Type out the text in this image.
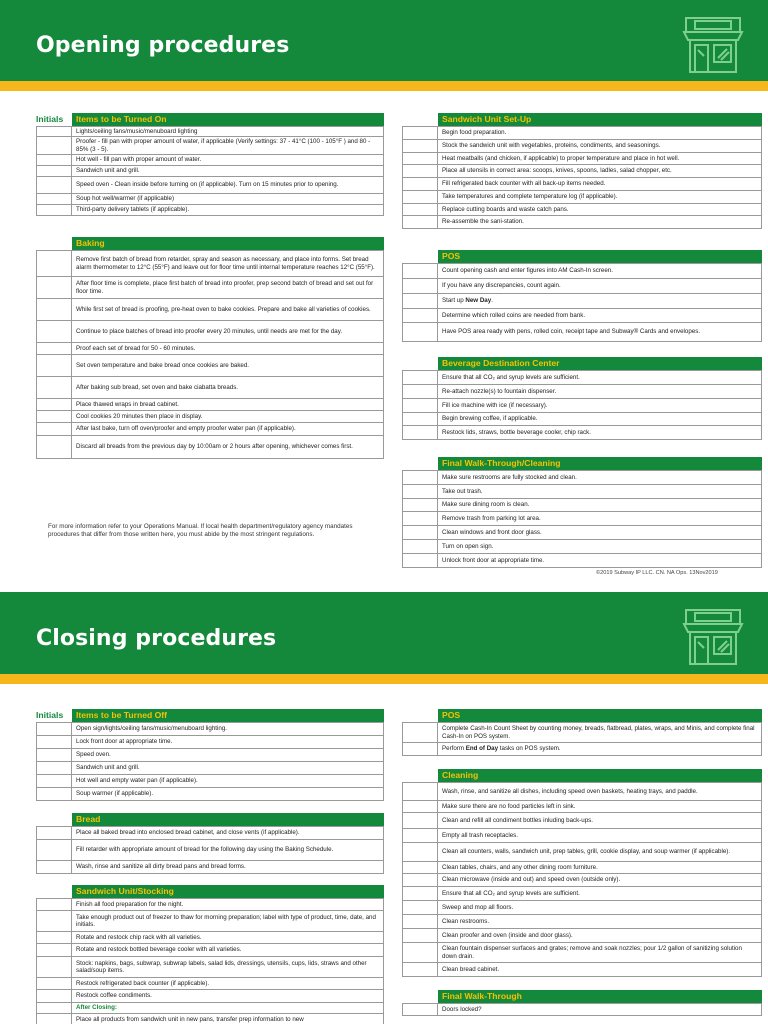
Opening procedures
Initials Items to be Turned On
Lights/ceiling fans/music/menuboard lighting
Proofer - fill pan with proper amount of water, if applicable (Verify settings: 37 - 41°C (100 - 105°F ) and 80 - 85% (3 - 5).
Hot well - fill pan with proper amount of water.
Sandwich unit and grill.
Speed oven - Clean inside before turning on (if applicable). Turn on 15 minutes prior to opening.
Soup hot well/warmer (if applicable)
Third-party delivery tablets (if applicable).
Baking
Remove first batch of bread from retarder, spray and season as necessary, and place into forms. Set bread alarm thermometer to 12°C (55°F) and leave out for floor time until internal temperature reaches 12°C (55°F).
After floor time is complete, place first batch of bread into proofer, prep second batch of bread and set out for floor time.
While first set of bread is proofing, pre-heat oven to bake cookies. Prepare and bake all varieties of cookies.
Continue to place batches of bread into proofer every 20 minutes, until needs are met for the day.
Proof each set of bread for 50 - 60 minutes.
Set oven temperature and bake bread once cookies are baked.
After baking sub bread, set oven and bake ciabatta breads.
Place thawed wraps in bread cabinet.
Cool cookies 20 minutes then place in display.
After last bake, turn off oven/proofer and empty proofer water pan (if applicable).
Discard all breads from the previous day by 10:00am or 2 hours after opening, whichever comes first.
Sandwich Unit Set-Up
Begin food preparation.
Stock the sandwich unit with vegetables, proteins, condiments, and seasonings.
Heat meatballs (and chicken, if applicable) to proper temperature and place in hot well.
Place all utensils in correct area: scoops, knives, spoons, ladles, salad chopper, etc.
Fill refrigerated back counter with all back-up items needed.
Take temperatures and complete temperature log (if applicable).
Replace cutting boards and waste catch pans.
Re-assemble the sani-station.
POS
Count opening cash and enter figures into AM Cash-In screen.
If you have any discrepancies, count again.
Start up New Day.
Determine which rolled coins are needed from bank.
Have POS area ready with pens, rolled coin, receipt tape and Subway® Cards and envelopes.
Beverage Destination Center
Ensure that all CO₂ and syrup levels are sufficient.
Re-attach nozzle(s) to fountain dispenser.
Fill ice machine with ice (if necessary).
Begin brewing coffee, if applicable.
Restock lids, straws, bottle beverage cooler, chip rack.
Final Walk-Through/Cleaning
Make sure restrooms are fully stocked and clean.
Take out trash.
Make sure dining room is clean.
Remove trash from parking lot area.
Clean windows and front door glass.
Turn on open sign.
Unlock front door at appropriate time.
For more information refer to your Operations Manual. If local health department/regulatory agency mandates procedures that differ from those written here, you must abide by the most stringent regulations.
©2019 Subway IP LLC. CN. NA Ops. 13Nov2019
Closing procedures
Initials Items to be Turned Off
Open sign/lights/ceiling fans/music/menuboard lighting.
Lock front door at appropriate time.
Speed oven.
Sandwich unit and grill.
Hot well and empty water pan (if applicable).
Soup warmer (if applicable).
Bread
Place all baked bread into enclosed bread cabinet, and close vents (if applicable).
Fill retarder with appropriate amount of bread for the following day using the Baking Schedule.
Wash, rinse and sanitize all dirty bread pans and bread forms.
Sandwich Unit/Stocking
Finish all food preparation for the night.
Take enough product out of freezer to thaw for morning preparation; label with type of product, time, date, and initials.
Rotate and restock chip rack with all varieties.
Rotate and restock bottled beverage cooler with all varieties.
Stock: napkins, bags, subwrap, subwrap labels, salad lids, dressings, utensils, cups, lids, straws and other salad/soup items.
Restock refrigerated back counter (if applicable).
Restock coffee condiments.
After Closing:
Place all products from sandwich unit in new pans, transfer prep information to new
POS
Complete Cash-In Count Sheet by counting money, breads, flatbread, plates, wraps, and Minis, and complete final Cash-In on POS system.
Perform End of Day tasks on POS system.
Cleaning
Wash, rinse, and sanitize all dishes, including speed oven baskets, heating trays, and paddle.
Make sure there are no food particles left in sink.
Clean and refill all condiment bottles inluding back-ups.
Empty all trash receptacles.
Clean all counters, walls, sandwich unit, prep tables, grill, cookie display, and soup warmer (if applicable).
Clean tables, chairs, and any other dining room furniture.
Clean microwave (inside and out) and speed oven (outside only).
Ensure that all CO₂ and syrup levels are sufficient.
Sweep and mop all floors.
Clean restrooms.
Clean proofer and oven (inside and door glass).
Clean fountain dispenser surfaces and grates; remove and soak nozzles; pour 1/2 gallon of sanitizing solution down drain.
Clean bread cabinet.
Final Walk-Through
Doors locked?
